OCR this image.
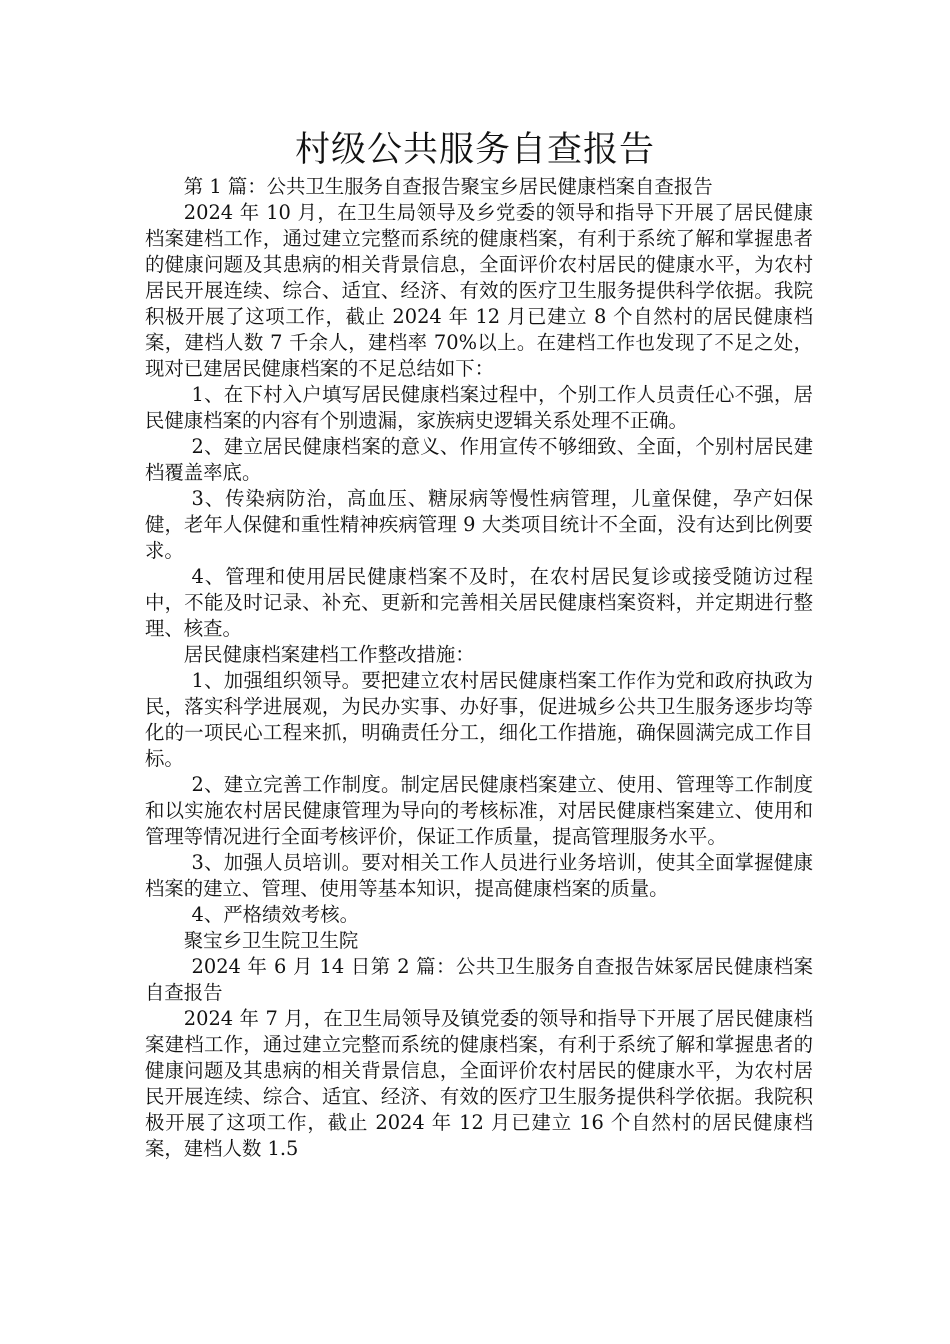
村级公共服务自查报告

第 1 篇：公共卫生服务自查报告聚宝乡居民健康档案自查报告

2024 年 10 月，在卫生局领导及乡党委的领导和指导下开展了居民健康档案建档工作，通过建立完整而系统的健康档案，有利于系统了解和掌握患者的健康问题及其患病的相关背景信息，全面评价农村居民的健康水平，为农村居民开展连续、综合、适宜、经济、有效的医疗卫生服务提供科学依据。我院积极开展了这项工作，截止 2024 年 12 月已建立 8 个自然村的居民健康档案，建档人数 7 千余人，建档率 70%以上。在建档工作也发现了不足之处，现对已建居民健康档案的不足总结如下：

1、在下村入户填写居民健康档案过程中，个别工作人员责任心不强，居民健康档案的内容有个别遗漏，家族病史逻辑关系处理不正确。

2、建立居民健康档案的意义、作用宣传不够细致、全面，个别村居民建档覆盖率底。

3、传染病防治，高血压、糖尿病等慢性病管理，儿童保健，孕产妇保健，老年人保健和重性精神疾病管理 9 大类项目统计不全面，没有达到比例要求。

4、管理和使用居民健康档案不及时，在农村居民复诊或接受随访过程中，不能及时记录、补充、更新和完善相关居民健康档案资料，并定期进行整理、核查。

居民健康档案建档工作整改措施：

1、加强组织领导。要把建立农村居民健康档案工作作为党和政府执政为民，落实科学进展观，为民办实事、办好事，促进城乡公共卫生服务逐步均等化的一项民心工程来抓，明确责任分工，细化工作措施，确保圆满完成工作目标。

2、建立完善工作制度。制定居民健康档案建立、使用、管理等工作制度和以实施农村居民健康管理为导向的考核标准，对居民健康档案建立、使用和管理等情况进行全面考核评价，保证工作质量，提高管理服务水平。

3、加强人员培训。要对相关工作人员进行业务培训，使其全面掌握健康档案的建立、管理、使用等基本知识，提高健康档案的质量。

4、严格绩效考核。

聚宝乡卫生院卫生院

2024 年 6 月 14 日第 2 篇：公共卫生服务自查报告妹冢居民健康档案自查报告

2024 年 7 月，在卫生局领导及镇党委的领导和指导下开展了居民健康档案建档工作，通过建立完整而系统的健康档案，有利于系统了解和掌握患者的健康问题及其患病的相关背景信息，全面评价农村居民的健康水平，为农村居民开展连续、综合、适宜、经济、有效的医疗卫生服务提供科学依据。我院积极开展了这项工作，截止 2024 年 12 月已建立 16 个自然村的居民健康档案，建档人数 1.5
